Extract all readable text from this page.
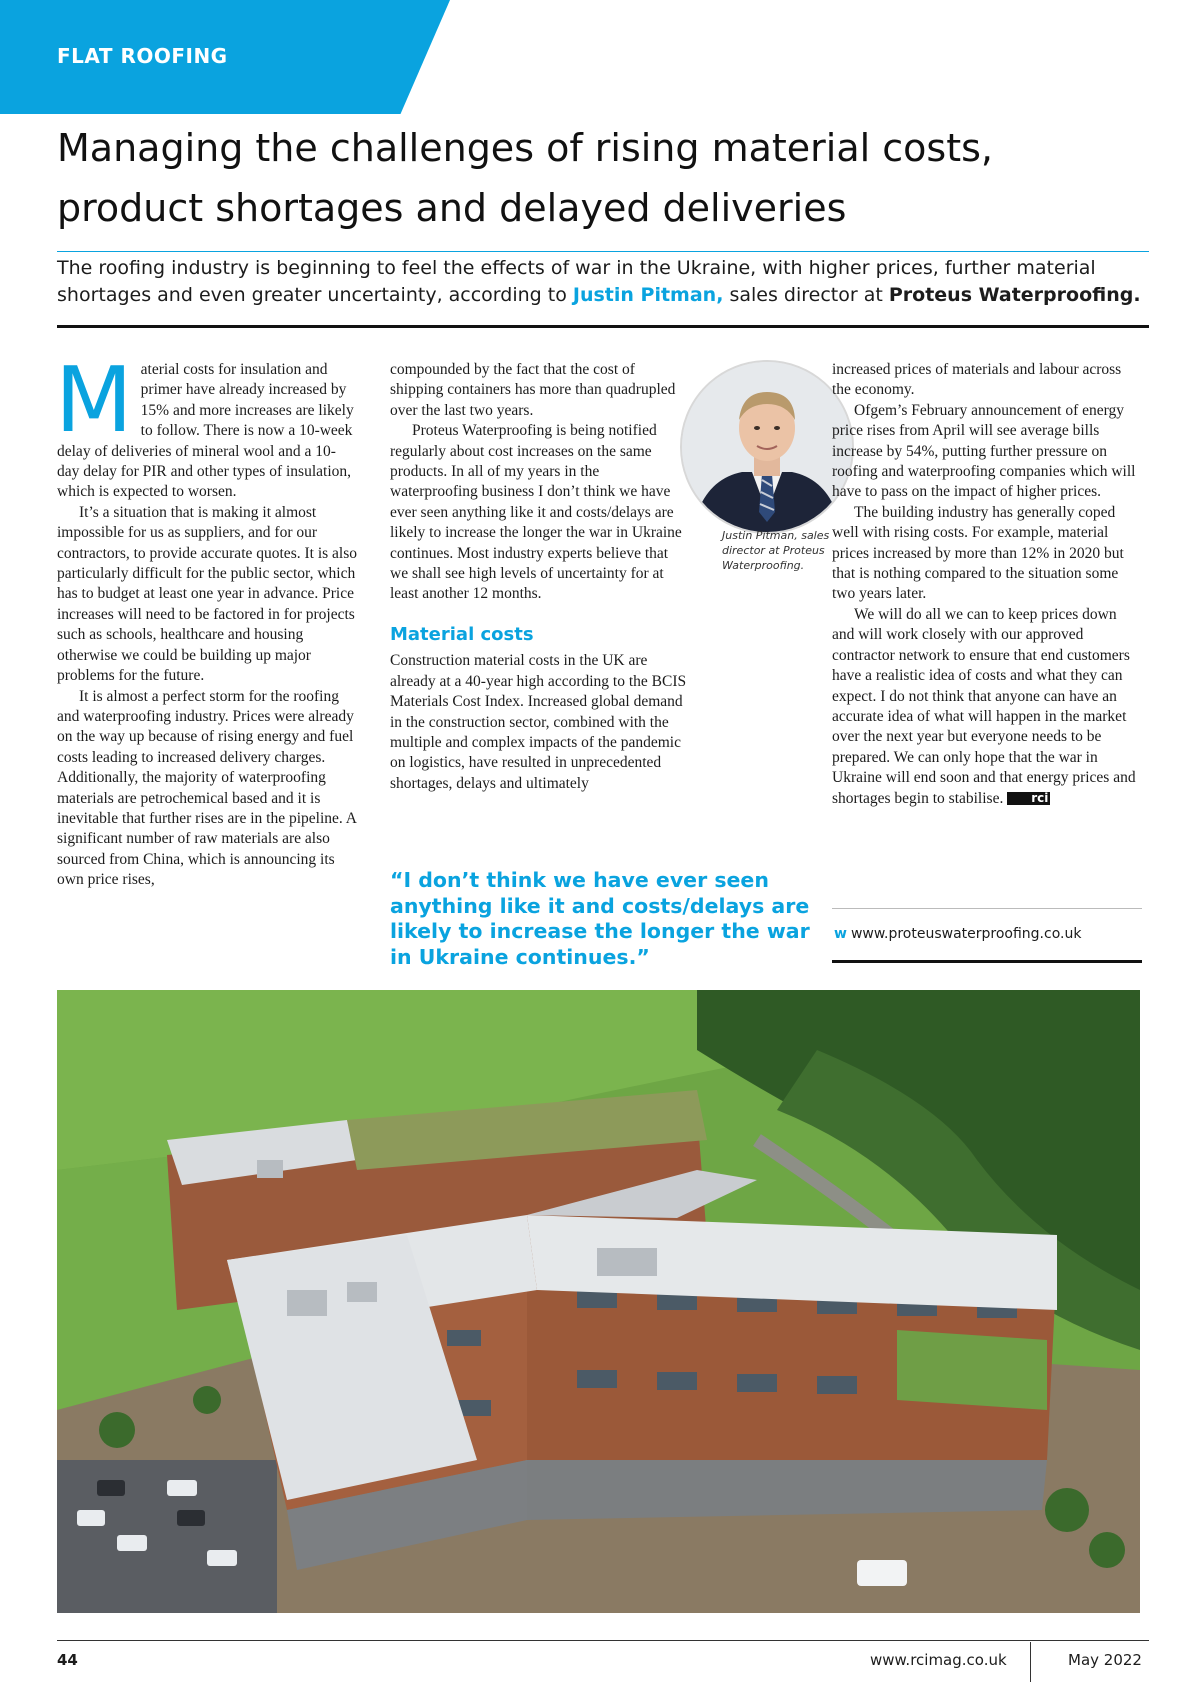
FLAT ROOFING
Managing the challenges of rising material costs,
product shortages and delayed deliveries

The roofing industry is beginning to feel the effects of war in the Ukraine, with higher prices, further material
shortages and even greater uncertainty, according to Justin Pitman, sales director at Proteus Waterproofing.

M aterial costs for insulation and primer have already increased by 15% and more increases are likely to follow. There is now a 10-week delay of deliveries of mineral wool and a 10-day delay for PIR and other types of insulation, which is expected to worsen.

It’s a situation that is making it almost impossible for us as suppliers, and for our contractors, to provide accurate quotes. It is also particularly difficult for the public sector, which has to budget at least one year in advance. Price increases will need to be factored in for projects such as schools, healthcare and housing otherwise we could be building up major problems for the future.

It is almost a perfect storm for the roofing and waterproofing industry. Prices were already on the way up because of rising energy and fuel costs leading to increased delivery charges. Additionally, the majority of waterproofing materials are petrochemical based and it is inevitable that further rises are in the pipeline. A significant number of raw materials are also sourced from China, which is announcing its own price rises,

compounded by the fact that the cost of shipping containers has more than quadrupled over the last two years.

Proteus Waterproofing is being notified regularly about cost increases on the same products. In all of my years in the waterproofing business I don’t think we have ever seen anything like it and costs/delays are likely to increase the longer the war in Ukraine continues. Most industry experts believe that we shall see high levels of uncertainty for at least another 12 months.

Material costs

Construction material costs in the UK are already at a 40-year high according to the BCIS Materials Cost Index. Increased global demand in the construction sector, combined with the multiple and complex impacts of the pandemic on logistics, have resulted in unprecedented shortages, delays and ultimately

“I don’t think we have ever seen anything like it and costs/delays are likely to increase the longer the war in Ukraine continues.”

Justin Pitman, sales director at Proteus Waterproofing.

increased prices of materials and labour across the economy.

Ofgem’s February announcement of energy price rises from April will see average bills increase by 54%, putting further pressure on roofing and waterproofing companies which will have to pass on the impact of higher prices.

The building industry has generally coped well with rising costs. For example, material prices increased by more than 12% in 2020 but that is nothing compared to the situation some two years later.

We will do all we can to keep prices down and will work closely with our approved contractor network to ensure that end customers have a realistic idea of costs and what they can expect. I do not think that anyone can have an accurate idea of what will happen in the market over the next year but everyone needs to be prepared. We can only hope that the war in Ukraine will end soon and that energy prices and shortages begin to stabilise. rci

w www.proteuswaterproofing.co.uk
44	www.rcimag.co.uk	May 2022
